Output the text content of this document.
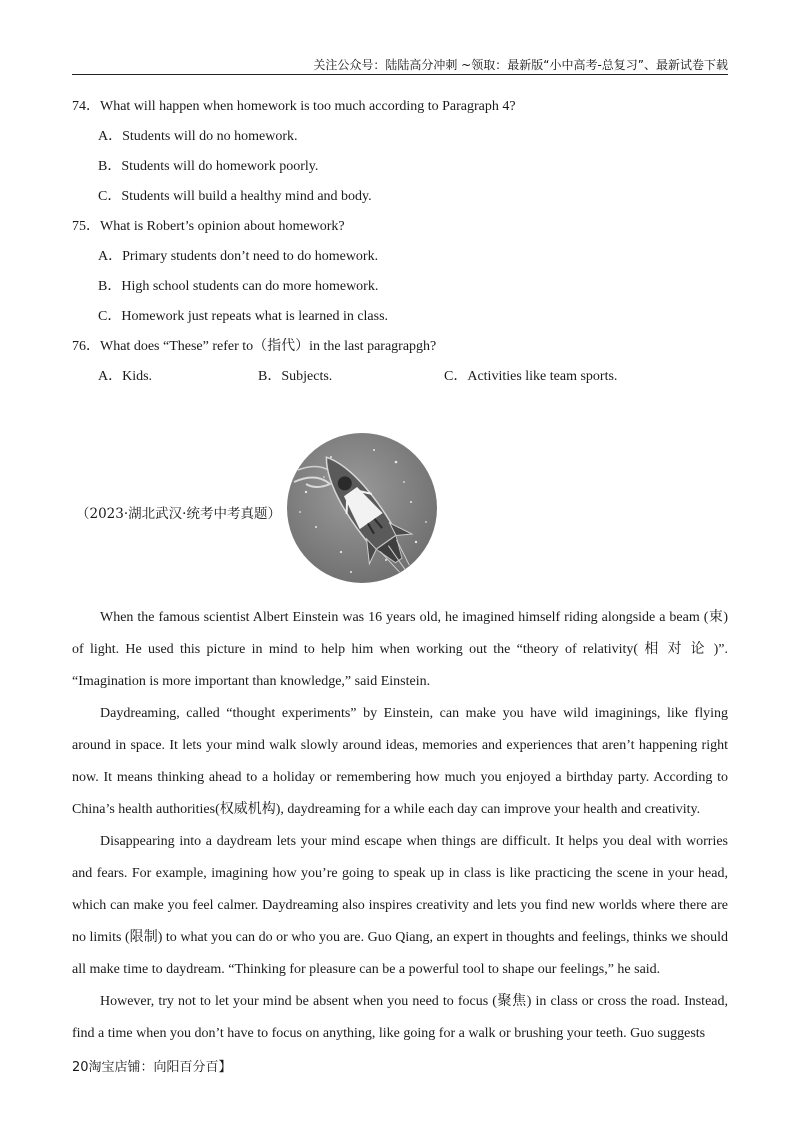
关注公众号：陆陆高分冲刺 ~领取：最新版“小中高考-总复习”、最新试卷下载
74．What will happen when homework is too much according to Paragraph 4?
A．Students will do no homework.
B．Students will do homework poorly.
C．Students will build a healthy mind and body.
75．What is Robert’s opinion about homework?
A．Primary students don’t need to do homework.
B．High school students can do more homework.
C．Homework just repeats what is learned in class.
76．What does “These” refer to（指代）in the last paragrapgh?
A．Kids.	B．Subjects.	C．Activities like team sports.
（2023·湖北武汉·统考中考真题）

When the famous scientist Albert Einstein was 16 years old, he imagined himself riding alongside a beam (束) of light. He used this picture in mind to help him when working out the “theory of relativity( 相 对 论 )”. “Imagination is more important than knowledge,” said Einstein.

Daydreaming, called “thought experiments” by Einstein, can make you have wild imaginings, like flying around in space. It lets your mind walk slowly around ideas, memories and experiences that aren’t happening right now. It means thinking ahead to a holiday or remembering how much you enjoyed a birthday party. According to China’s health authorities(权威机构), daydreaming for a while each day can improve your health and creativity.

Disappearing into a daydream lets your mind escape when things are difficult. It helps you deal with worries and fears. For example, imagining how you’re going to speak up in class is like practicing the scene in your head, which can make you feel calmer. Daydreaming also inspires creativity and lets you find new worlds where there are no limits (限制) to what you can do or who you are. Guo Qiang, an expert in thoughts and feelings, thinks we should all make time to daydream. “Thinking for pleasure can be a powerful tool to shape our feelings,” he said.

However, try not to let your mind be absent when you need to focus (聚焦) in class or cross the road. Instead, find a time when you don’t have to focus on anything, like going for a walk or brushing your teeth. Guo suggests

20淘宝店铺：向阳百分百】
